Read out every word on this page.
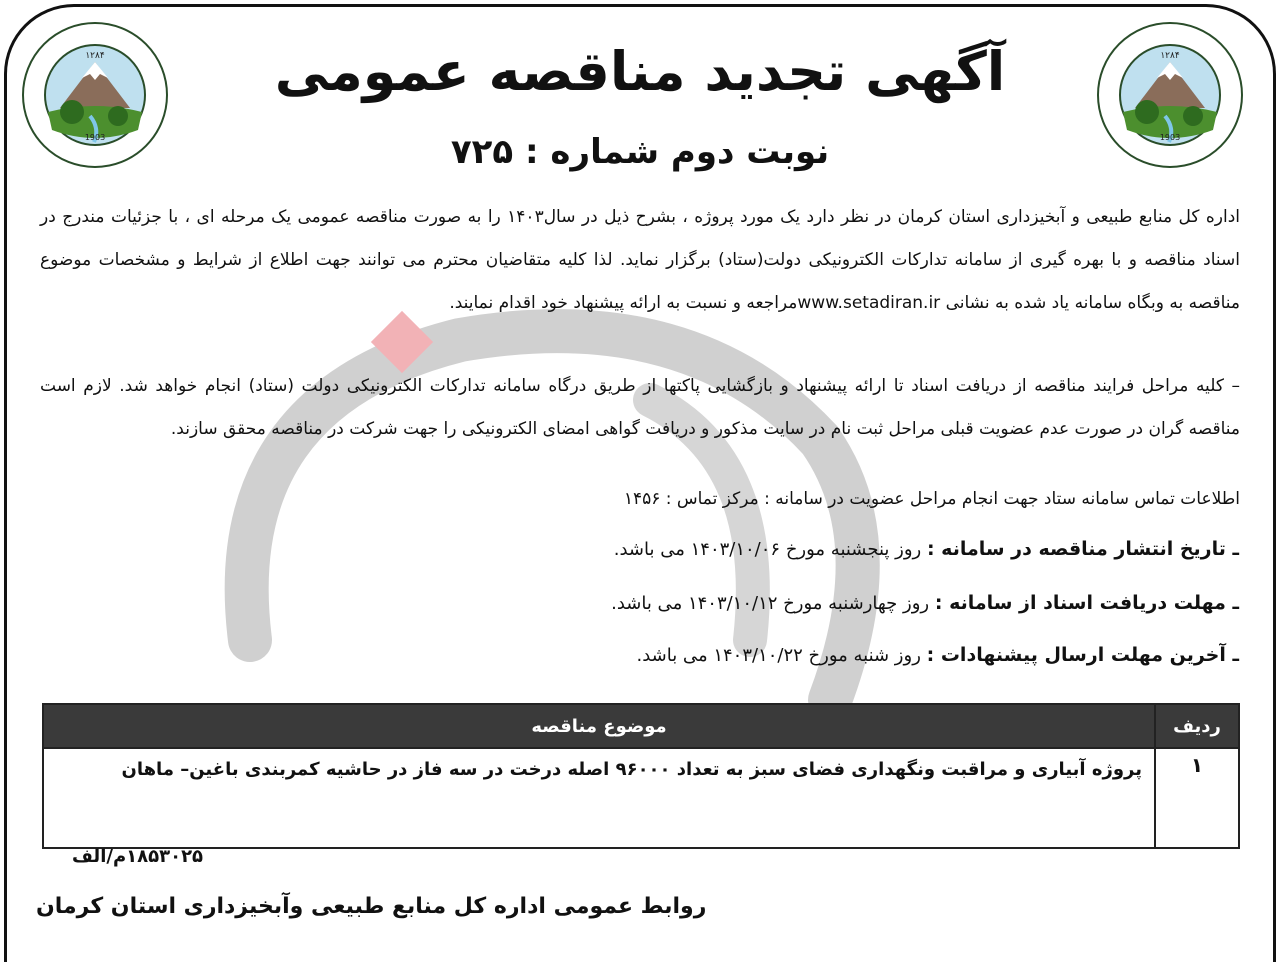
۱۲۸۴
1903
۱۲۸۴
1903
آگهی تجدید مناقصه عمومی
نوبت دوم شماره : ۷۲۵
اداره کل منابع طبیعی و آبخیزداری استان کرمان در نظر دارد یک مورد پروژه ، بشرح ذیل در سال۱۴۰۳ را به صورت مناقصه عمومی یک مرحله ای ، با جزئیات مندرج در اسناد مناقصه و با بهره گیری از سامانه تدارکات الکترونیکی دولت(ستاد) برگزار نماید. لذا کلیه متقاضیان محترم می توانند جهت اطلاع از شرایط و مشخصات موضوع مناقصه به وبگاه سامانه یاد شده به نشانی www.setadiran.irمراجعه و نسبت به ارائه پیشنهاد خود اقدام نمایند.
– کلیه مراحل فرایند مناقصه از دریافت اسناد تا ارائه پیشنهاد و بازگشایی پاکتها از طریق درگاه سامانه تدارکات الکترونیکی دولت (ستاد) انجام خواهد شد. لازم است مناقصه گران در صورت عدم عضویت قبلی مراحل ثبت نام در سایت مذکور و دریافت گواهی امضای الکترونیکی را جهت شرکت در مناقصه محقق سازند.
اطلاعات تماس سامانه ستاد جهت انجام مراحل عضویت در سامانه : مرکز تماس : ۱۴۵۶
ـ تاریخ انتشار مناقصه در سامانه : روز پنجشنبه مورخ ۱۴۰۳/۱۰/۰۶ می باشد.
ـ مهلت دریافت اسناد از سامانه : روز چهارشنبه مورخ ۱۴۰۳/۱۰/۱۲ می باشد.
ـ آخرین مهلت ارسال پیشنهادات : روز شنبه مورخ ۱۴۰۳/۱۰/۲۲ می باشد.
ردیف	موضوع مناقصه
۱	پروژه آبیاری و مراقبت ونگهداری فضای سبز به تعداد ۹۶۰۰۰ اصله درخت در سه فاز در حاشیه کمربندی باغین– ماهان
۱۸۵۳۰۲۵م/الف
روابط عمومی اداره کل منابع طبیعی وآبخیزداری استان کرمان
